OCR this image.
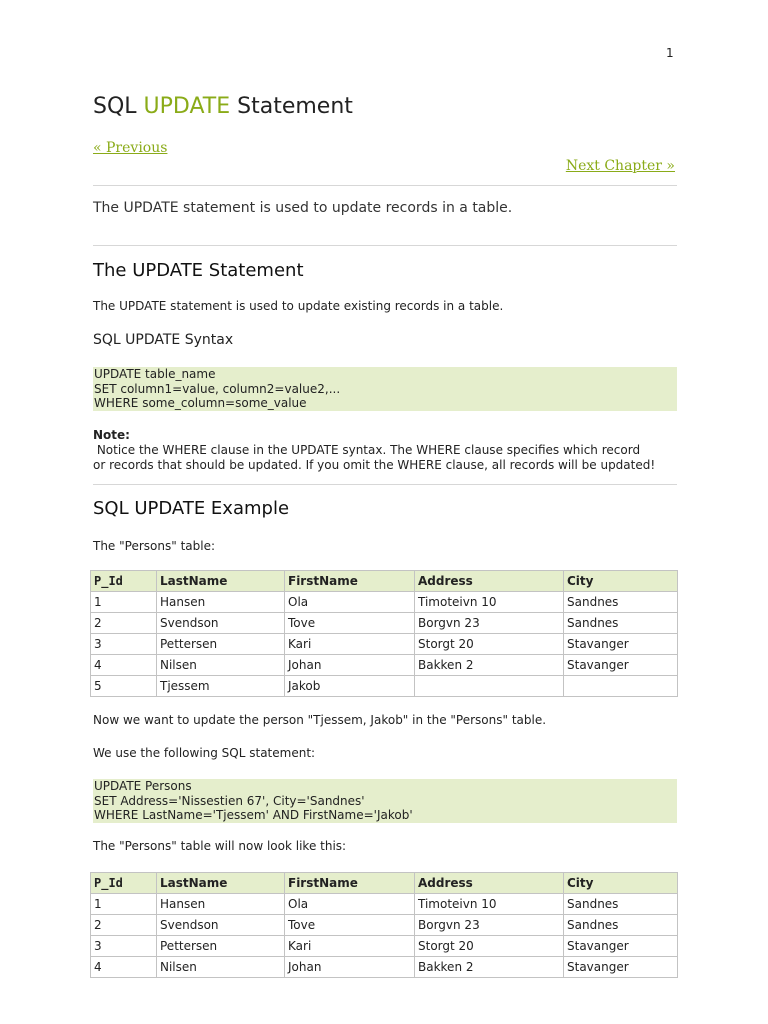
1
SQL UPDATE Statement
« Previous
Next Chapter »
The UPDATE statement is used to update records in a table.
The UPDATE Statement
The UPDATE statement is used to update existing records in a table.
SQL UPDATE Syntax
UPDATE table_name
SET column1=value, column2=value2,...
WHERE some_column=some_value
Note: Notice the WHERE clause in the UPDATE syntax. The WHERE clause specifies which record
or records that should be updated. If you omit the WHERE clause, all records will be updated!
SQL UPDATE Example
The "Persons" table:
P_Id	LastName	FirstName	Address	City
1	Hansen	Ola	Timoteivn 10	Sandnes
2	Svendson	Tove	Borgvn 23	Sandnes
3	Pettersen	Kari	Storgt 20	Stavanger
4	Nilsen	Johan	Bakken 2	Stavanger
5	Tjessem	Jakob		
Now we want to update the person "Tjessem, Jakob" in the "Persons" table.
We use the following SQL statement:
UPDATE Persons
SET Address='Nissestien 67', City='Sandnes'
WHERE LastName='Tjessem' AND FirstName='Jakob'
The "Persons" table will now look like this:
P_Id	LastName	FirstName	Address	City
1	Hansen	Ola	Timoteivn 10	Sandnes
2	Svendson	Tove	Borgvn 23	Sandnes
3	Pettersen	Kari	Storgt 20	Stavanger
4	Nilsen	Johan	Bakken 2	Stavanger
